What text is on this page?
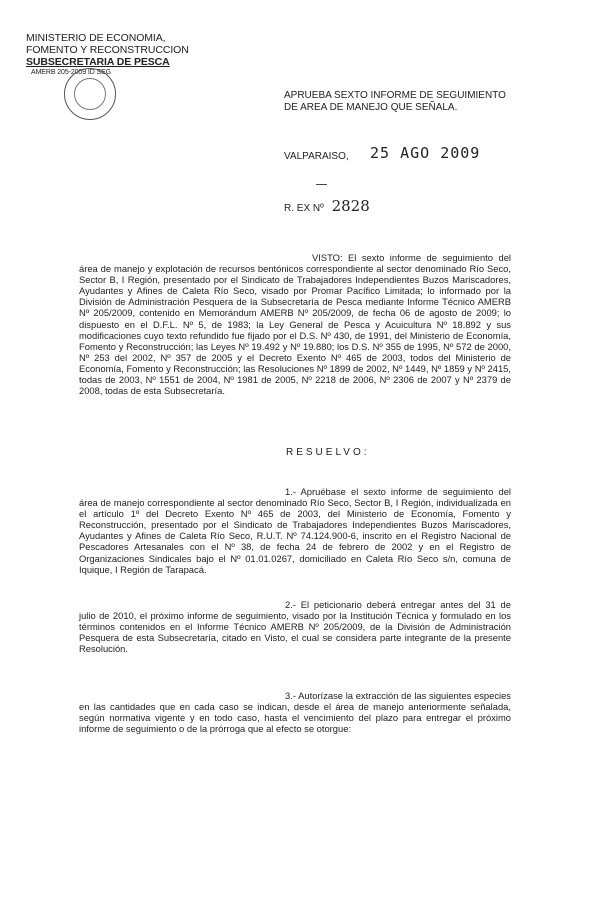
MINISTERIO DE ECONOMIA,
FOMENTO Y RECONSTRUCCION
SUBSECRETARIA DE PESCA
AMERB 205-2009 ID SEG
APRUEBA SEXTO INFORME DE SEGUIMIENTO
DE AREA DE MANEJO QUE SEÑALA.
VALPARAISO, 25 AGO 2009
R. EX Nº 2828
VISTO: El sexto informe de seguimiento del área de manejo y explotación de recursos bentónicos correspondiente al sector denominado Río Seco, Sector B, I Región, presentado por el Sindicato de Trabajadores Independientes Buzos Mariscadores, Ayudantes y Afines de Caleta Río Seco, visado por Promar Pacífico Limitada; lo informado por la División de Administración Pesquera de la Subsecretaría de Pesca mediante Informe Técnico AMERB Nº 205/2009, contenido en Memorándum AMERB Nº 205/2009, de fecha 06 de agosto de 2009; lo dispuesto en el D.F.L. Nº 5, de 1983; la Ley General de Pesca y Acuicultura Nº 18.892 y sus modificaciones cuyo texto refundido fue fijado por el D.S. Nº 430, de 1991, del Ministerio de Economía, Fomento y Reconstrucción; las Leyes Nº 19.492 y Nº 19.880; los D.S. Nº 355 de 1995, Nº 572 de 2000, Nº 253 del 2002, Nº 357 de 2005 y el Decreto Exento Nº 465 de 2003, todos del Ministerio de Economía, Fomento y Reconstrucción; las Resoluciones Nº 1899 de 2002, Nº 1449, Nº 1859 y Nº 2415, todas de 2003, Nº 1551 de 2004, Nº 1981 de 2005, Nº 2218 de 2006, Nº 2306 de 2007 y Nº 2379 de 2008, todas de esta Subsecretaría.
RESUELVO:
1.- Apruébase el sexto informe de seguimiento del área de manejo correspondiente al sector denominado Río Seco, Sector B, I Región, individualizada en el artículo 1º del Decreto Exento Nº 465 de 2003, del Ministerio de Economía, Fomento y Reconstrucción, presentado por el Sindicato de Trabajadores Independientes Buzos Mariscadores, Ayudantes y Afines de Caleta Río Seco, R.U.T. Nº 74.124.900-6, inscrito en el Registro Nacional de Pescadores Artesanales con el Nº 38, de fecha 24 de febrero de 2002 y en el Registro de Organizaciones Sindicales bajo el Nº 01.01.0267, domiciliado en Caleta Río Seco s/n, comuna de Iquique, I Región de Tarapacá.
2.- El peticionario deberá entregar antes del 31 de julio de 2010, el próximo informe de seguimiento, visado por la Institución Técnica y formulado en los términos contenidos en el Informe Técnico AMERB Nº 205/2009, de la División de Administración Pesquera de esta Subsecretaría, citado en Visto, el cual se considera parte integrante de la presente Resolución.
3.- Autorízase la extracción de las siguientes especies en las cantidades que en cada caso se indican, desde el área de manejo anteriormente señalada, según normativa vigente y en todo caso, hasta el vencimiento del plazo para entregar el próximo informe de seguimiento o de la prórroga que al efecto se otorgue:
